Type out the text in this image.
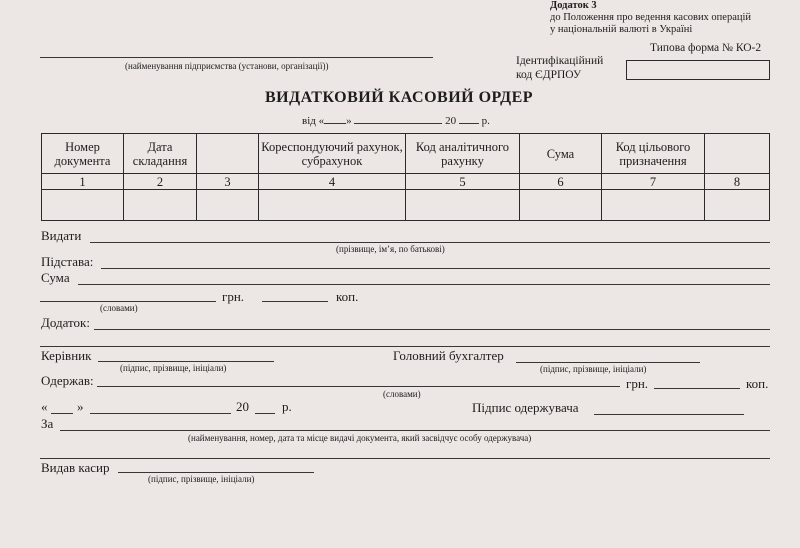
Додаток 3
до Положення про ведення касових операцій
у національній валюті в Україні
Типова форма № КО-2
(найменування підприємства (установи, організації))	Ідентифікаційний
код ЄДРПОУ
ВИДАТКОВИЙ КАСОВИЙ ОРДЕР
від « »	20 р.
Номер документа	Дата складання		Кореспондуючий рахунок, субрахунок	Код аналітичного рахунку	Сума	Код цільового призначення	
1	2	3	4	5	6	7	8

Видати
(прізвище, ім’я, по батькові)
Підстава:
Сума
грн.	коп.
(словами)
Додаток:
Керівник
(підпис, прізвище, ініціали)
Головний бухгалтер
(підпис, прізвище, ініціали)
Одержав:	грн.	коп.
(словами)
« »	20	р.	Підпис одержувача
За
(найменування, номер, дата та місце видачі документа, який засвідчує особу одержувача)
Видав касир
(підпис, прізвище, ініціали)
